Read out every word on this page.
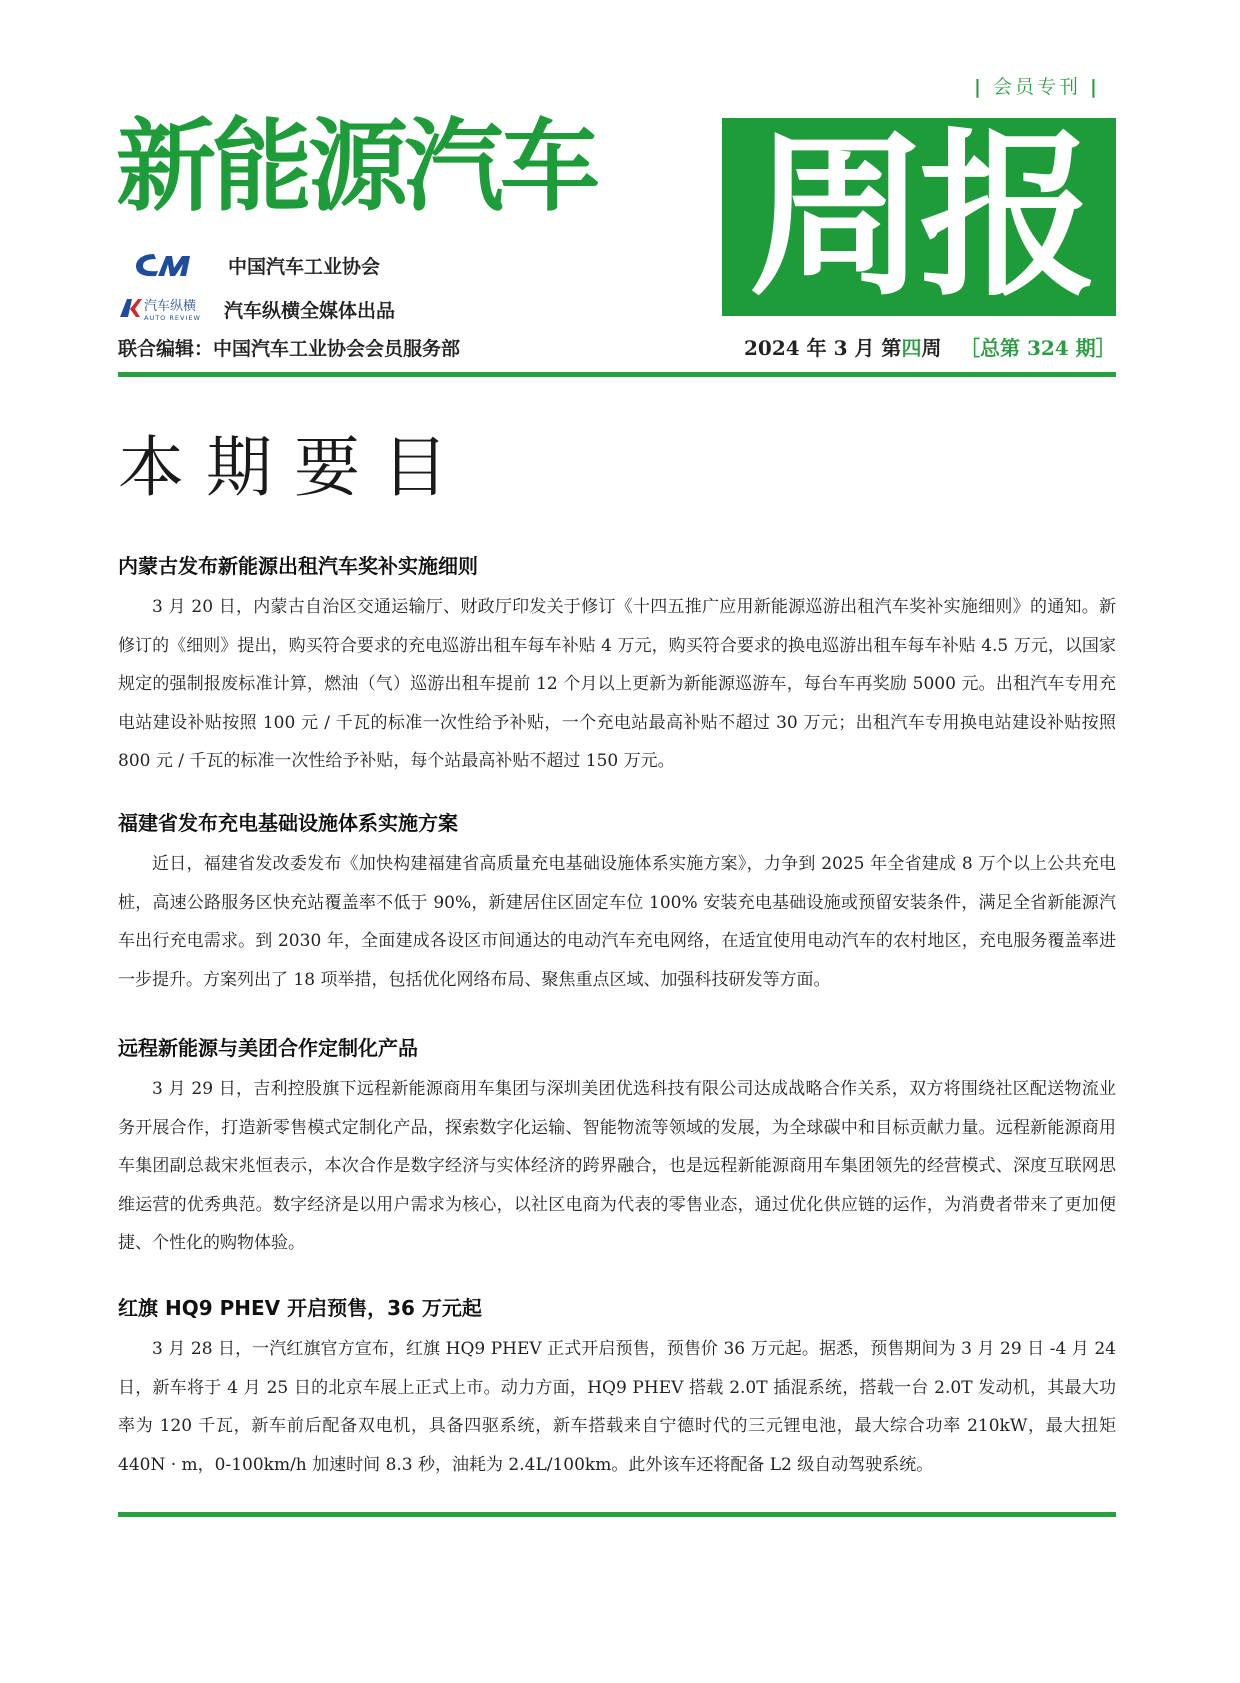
| 会员专刊 |
新能源汽车 周报
中国汽车工业协会
汽车纵横
AUTO REVIEW 汽车纵横全媒体出品
联合编辑：中国汽车工业协会会员服务部	2024 年 3 月 第四周 ［总第 324 期］
本期要目
内蒙古发布新能源出租汽车奖补实施细则

3 月 20 日，内蒙古自治区交通运输厅、财政厅印发关于修订《十四五推广应用新能源巡游出租汽车奖补实施细则》的通知。新修订的《细则》提出，购买符合要求的充电巡游出租车每车补贴 4 万元，购买符合要求的换电巡游出租车每车补贴 4.5 万元，以国家规定的强制报废标准计算，燃油（气）巡游出租车提前 12 个月以上更新为新能源巡游车，每台车再奖励 5000 元。出租汽车专用充电站建设补贴按照 100 元 / 千瓦的标准一次性给予补贴，一个充电站最高补贴不超过 30 万元；出租汽车专用换电站建设补贴按照 800 元 / 千瓦的标准一次性给予补贴，每个站最高补贴不超过 150 万元。

福建省发布充电基础设施体系实施方案

近日，福建省发改委发布《加快构建福建省高质量充电基础设施体系实施方案》，力争到 2025 年全省建成 8 万个以上公共充电桩，高速公路服务区快充站覆盖率不低于 90%，新建居住区固定车位 100% 安装充电基础设施或预留安装条件，满足全省新能源汽车出行充电需求。到 2030 年，全面建成各设区市间通达的电动汽车充电网络，在适宜使用电动汽车的农村地区，充电服务覆盖率进一步提升。方案列出了 18 项举措，包括优化网络布局、聚焦重点区域、加强科技研发等方面。

远程新能源与美团合作定制化产品

3 月 29 日，吉利控股旗下远程新能源商用车集团与深圳美团优选科技有限公司达成战略合作关系，双方将围绕社区配送物流业务开展合作，打造新零售模式定制化产品，探索数字化运输、智能物流等领域的发展，为全球碳中和目标贡献力量。远程新能源商用车集团副总裁宋兆恒表示，本次合作是数字经济与实体经济的跨界融合，也是远程新能源商用车集团领先的经营模式、深度互联网思维运营的优秀典范。数字经济是以用户需求为核心，以社区电商为代表的零售业态，通过优化供应链的运作，为消费者带来了更加便捷、个性化的购物体验。

红旗 HQ9 PHEV 开启预售，36 万元起

3 月 28 日，一汽红旗官方宣布，红旗 HQ9 PHEV 正式开启预售，预售价 36 万元起。据悉，预售期间为 3 月 29 日 -4 月 24 日，新车将于 4 月 25 日的北京车展上正式上市。动力方面，HQ9 PHEV 搭载 2.0T 插混系统，搭载一台 2.0T 发动机，其最大功率为 120 千瓦，新车前后配备双电机，具备四驱系统，新车搭载来自宁德时代的三元锂电池，最大综合功率 210kW，最大扭矩 440N · m，0-100km/h 加速时间 8.3 秒，油耗为 2.4L/100km。此外该车还将配备 L2 级自动驾驶系统。
